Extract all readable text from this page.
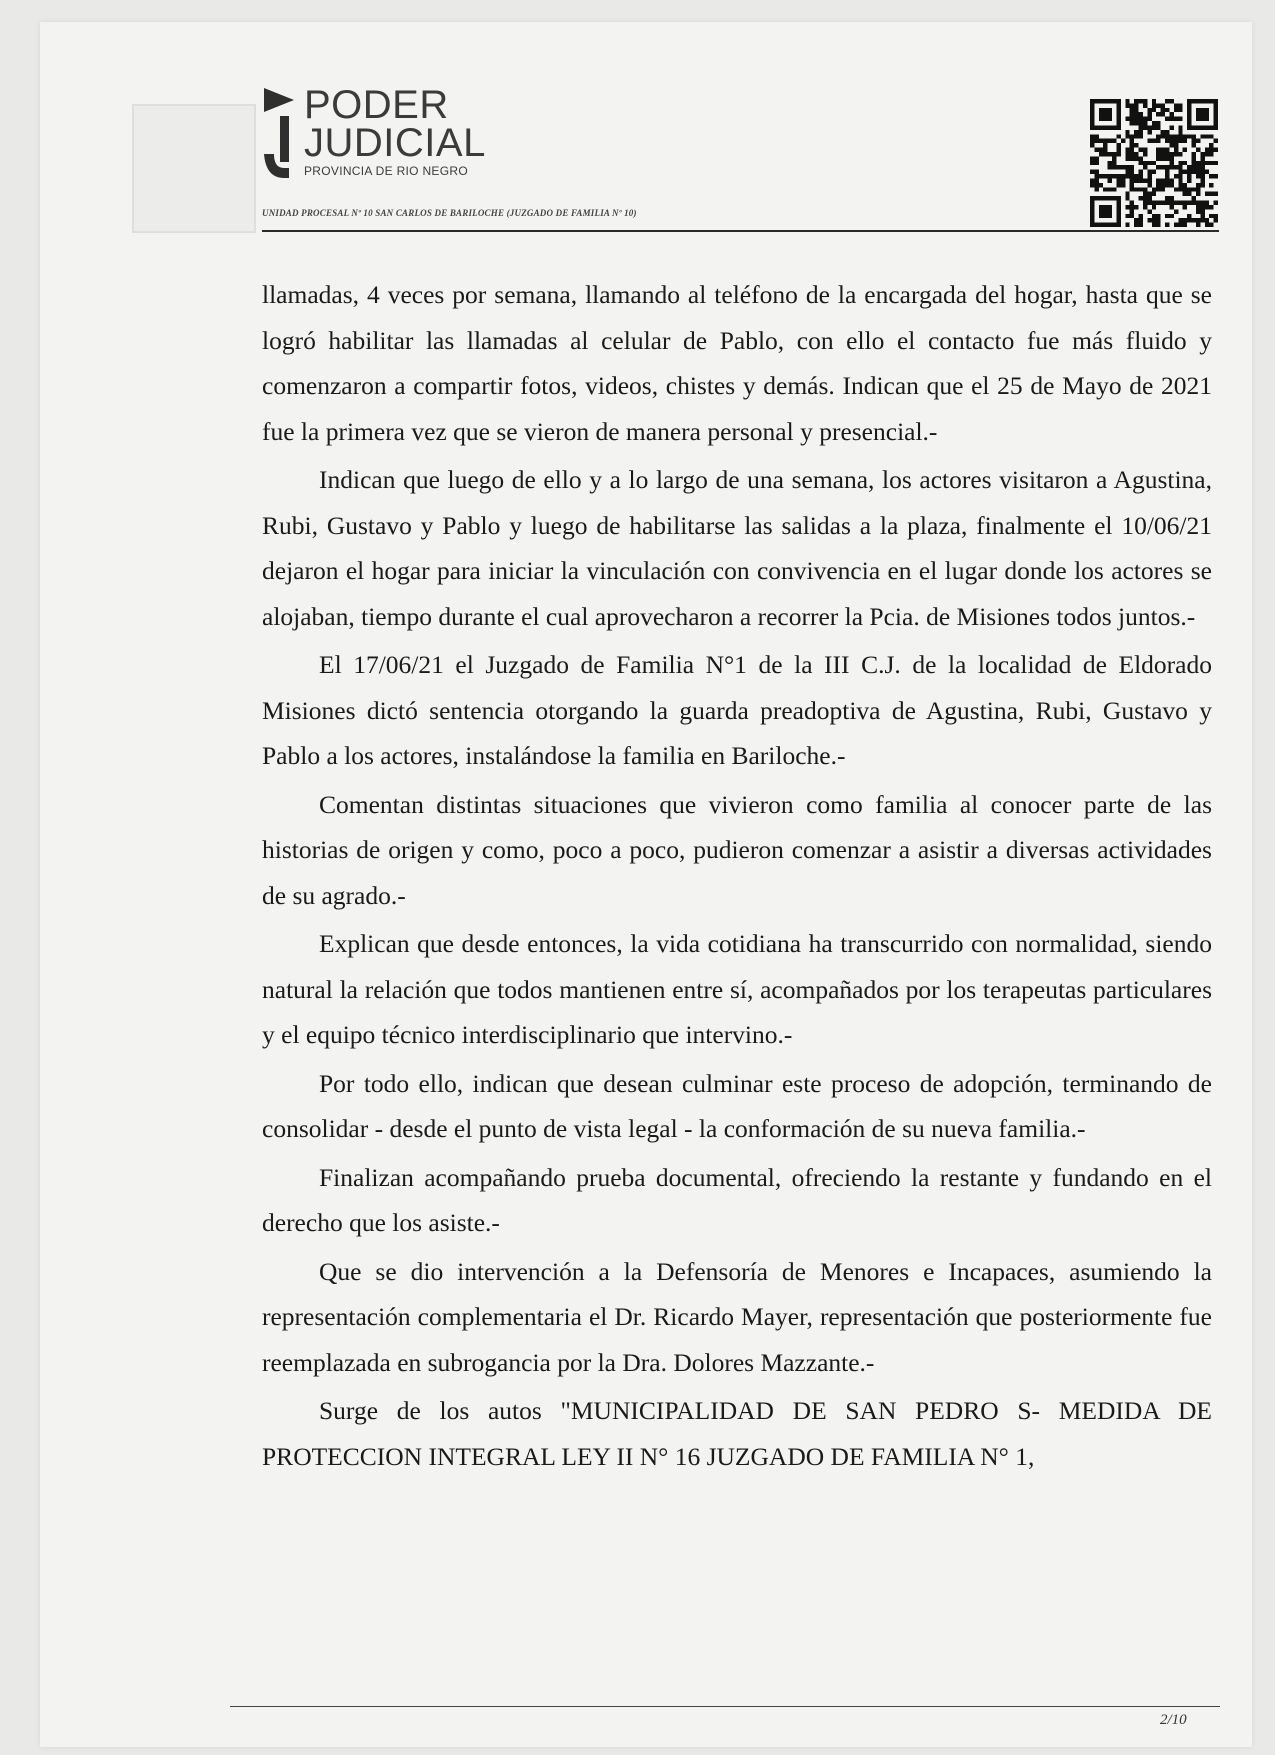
PODER
JUDICIAL
PROVINCIA DE RIO NEGRO
UNIDAD PROCESAL Nº 10 SAN CARLOS DE BARILOCHE (JUZGADO DE FAMILIA Nº 10)

llamadas, 4 veces por semana, llamando al teléfono de la encargada del hogar, hasta que se logró habilitar las llamadas al celular de Pablo, con ello el contacto fue más fluido y comenzaron a compartir fotos, videos, chistes y demás. Indican que el 25 de Mayo de 2021 fue la primera vez que se vieron de manera personal y presencial.-

Indican que luego de ello y a lo largo de una semana, los actores visitaron a Agustina, Rubi, Gustavo y Pablo y luego de habilitarse las salidas a la plaza, finalmente el 10/06/21 dejaron el hogar para iniciar la vinculación con convivencia en el lugar donde los actores se alojaban, tiempo durante el cual aprovecharon a recorrer la Pcia. de Misiones todos juntos.-

El 17/06/21 el Juzgado de Familia N°1 de la III C.J. de la localidad de Eldorado Misiones dictó sentencia otorgando la guarda preadoptiva de Agustina, Rubi, Gustavo y Pablo a los actores, instalándose la familia en Bariloche.-

Comentan distintas situaciones que vivieron como familia al conocer parte de las historias de origen y como, poco a poco, pudieron comenzar a asistir a diversas actividades de su agrado.-

Explican que desde entonces, la vida cotidiana ha transcurrido con normalidad, siendo natural la relación que todos mantienen entre sí, acompañados por los terapeutas particulares y el equipo técnico interdisciplinario que intervino.-

Por todo ello, indican que desean culminar este proceso de adopción, terminando de consolidar - desde el punto de vista legal - la conformación de su nueva familia.-

Finalizan acompañando prueba documental, ofreciendo la restante y fundando en el derecho que los asiste.-

Que se dio intervención a la Defensoría de Menores e Incapaces, asumiendo la representación complementaria el Dr. Ricardo Mayer, representación que posteriormente fue reemplazada en subrogancia por la Dra. Dolores Mazzante.-

Surge de los autos "MUNICIPALIDAD DE SAN PEDRO S- MEDIDA DE PROTECCION INTEGRAL LEY II N° 16 JUZGADO DE FAMILIA N° 1,

2/10
